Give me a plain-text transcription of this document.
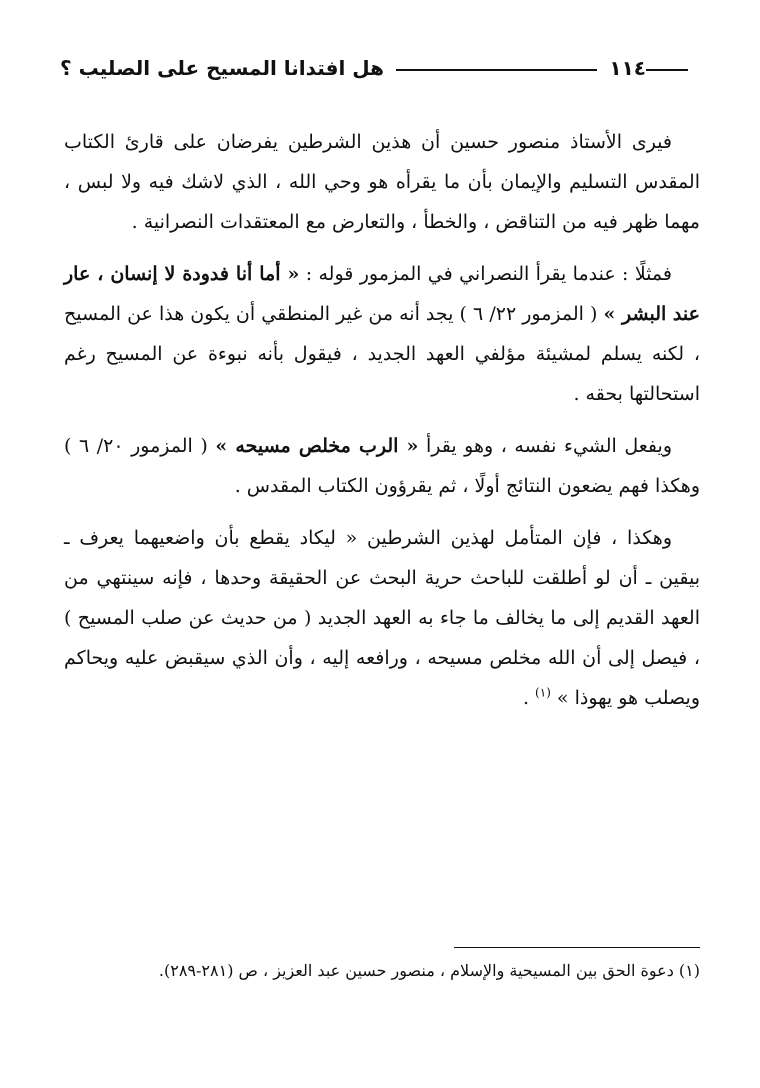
١١٤
هل افتدانا المسيح على الصليب ؟

فيرى الأستاذ منصور حسين أن هذين الشرطين يفرضان على قارئ الكتاب المقدس التسليم والإيمان بأن ما يقرأه هو وحي الله ، الذي لاشك فيه ولا لبس ، مهما ظهر فيه من التناقض ، والخطأ ، والتعارض مع المعتقدات النصرانية .

فمثلًا : عندما يقرأ النصراني في المزمور قوله : « أما أنا فدودة لا إنسان ، عار عند البشر » ( المزمور ٢٢/ ٦ ) يجد أنه من غير المنطقي أن يكون هذا عن المسيح ، لكنه يسلم لمشيئة مؤلفي العهد الجديد ، فيقول بأنه نبوءة عن المسيح رغم استحالتها بحقه .

ويفعل الشيء نفسه ، وهو يقرأ « الرب مخلص مسيحه » ( المزمور ٢٠/ ٦ ) وهكذا فهم يضعون النتائج أولًا ، ثم يقرؤون الكتاب المقدس .

وهكذا ، فإن المتأمل لهذين الشرطين « ليكاد يقطع بأن واضعيهما يعرف ـ بيقين ـ أن لو أطلقت للباحث حرية البحث عن الحقيقة وحدها ، فإنه سينتهي من العهد القديم إلى ما يخالف ما جاء به العهد الجديد ( من حديث عن صلب المسيح ) ، فيصل إلى أن الله مخلص مسيحه ، ورافعه إليه ، وأن الذي سيقبض عليه ويحاكم ويصلب هو يهوذا » $^{(١)}$ .

(١) دعوة الحق بين المسيحية والإسلام ، منصور حسين عبد العزيز ، ص (٢٨١-٢٨٩).
